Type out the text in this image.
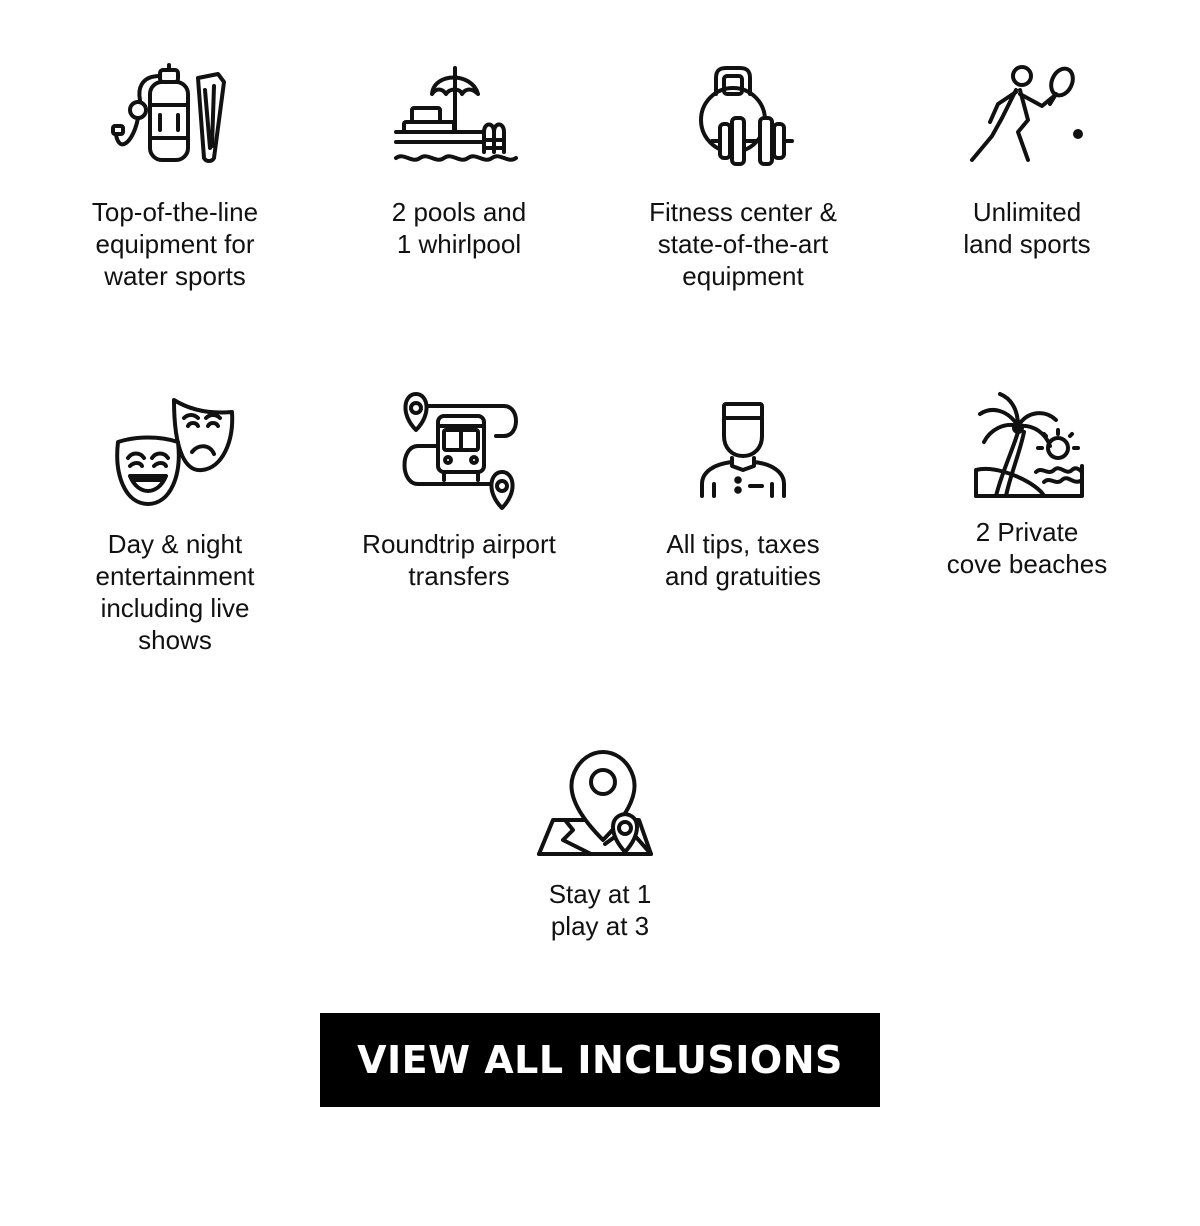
Top-of-the-line
equipment for
water sports
2 pools and
1 whirlpool
Fitness center &
state-of-the-art
equipment
Unlimited
land sports
Day & night
entertainment
including live
shows
Roundtrip airport
transfers
All tips, taxes
and gratuities
2 Private
cove beaches
Stay at 1
play at 3
VIEW ALL INCLUSIONS
